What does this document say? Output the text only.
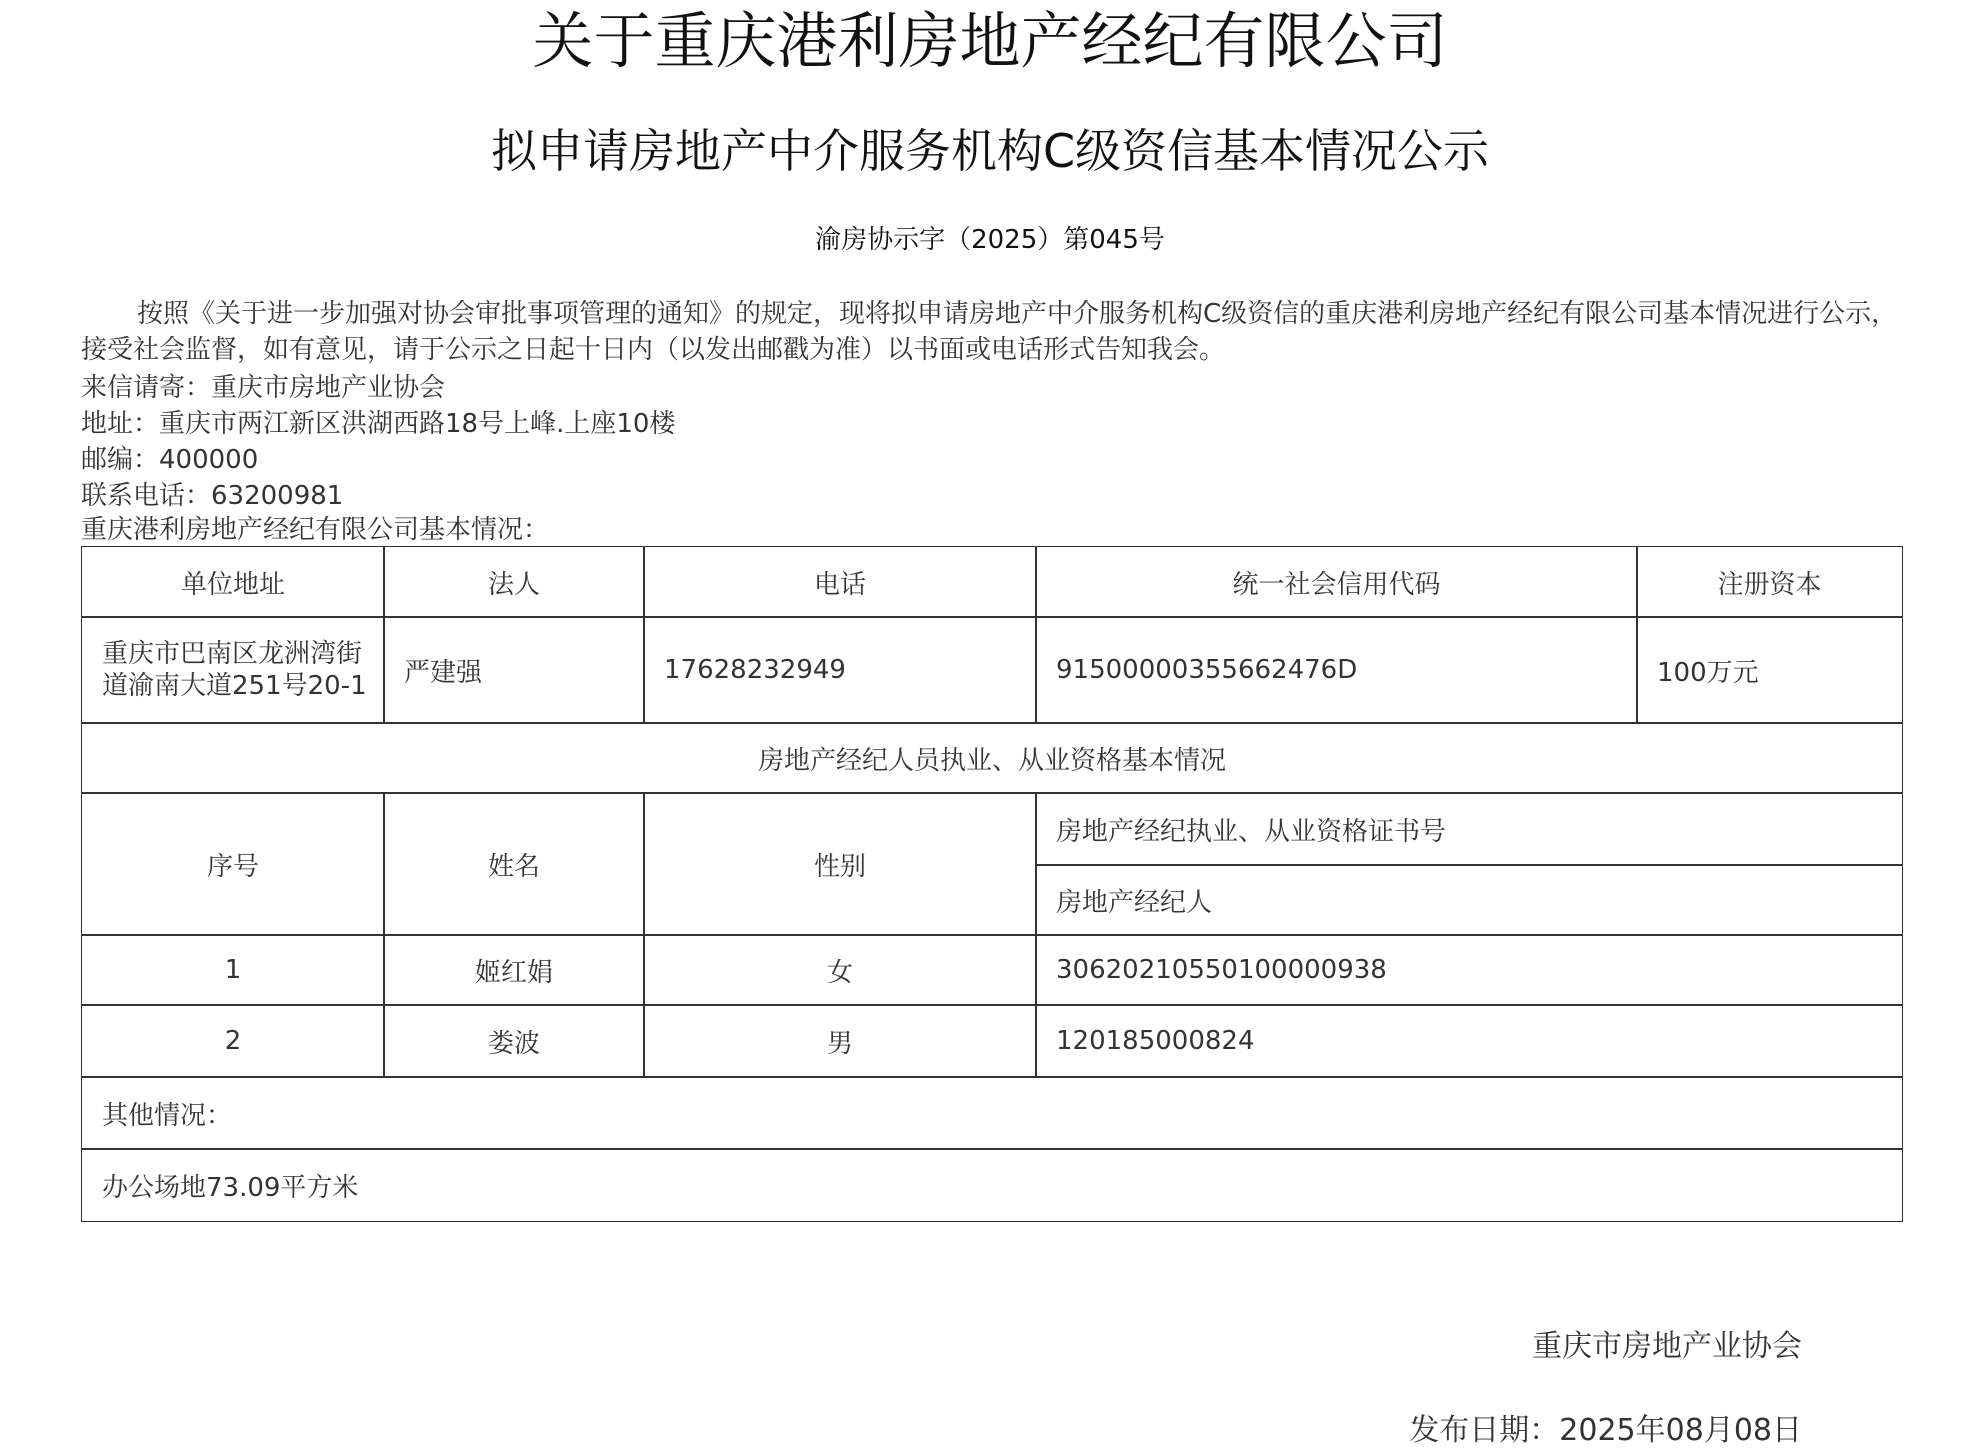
关于重庆港利房地产经纪有限公司
拟申请房地产中介服务机构C级资信基本情况公示
渝房协示字（2025）第045号

按照《关于进一步加强对协会审批事项管理的通知》的规定，现将拟申请房地产中介服务机构C级资信的重庆港利房地产经纪有限公司基本情况进行公示，接受社会监督，如有意见，请于公示之日起十日内（以发出邮戳为准）以书面或电话形式告知我会。

来信请寄：重庆市房地产业协会
地址：重庆市两江新区洪湖西路18号上峰.上座10楼
邮编：400000
联系电话：63200981
重庆港利房地产经纪有限公司基本情况：
单位地址	法人	电话	统一社会信用代码	注册资本
重庆市巴南区龙洲湾街道渝南大道251号20-1	严建强	17628232949	91500000355662476D	100万元
房地产经纪人员执业、从业资格基本情况
序号	姓名	性别
房地产经纪执业、从业资格证书号
房地产经纪人
1	姬红娟	女	30620210550100000938
2	娄波	男	120185000824
其他情况：
办公场地73.09平方米
重庆市房地产业协会
发布日期：2025年08月08日
